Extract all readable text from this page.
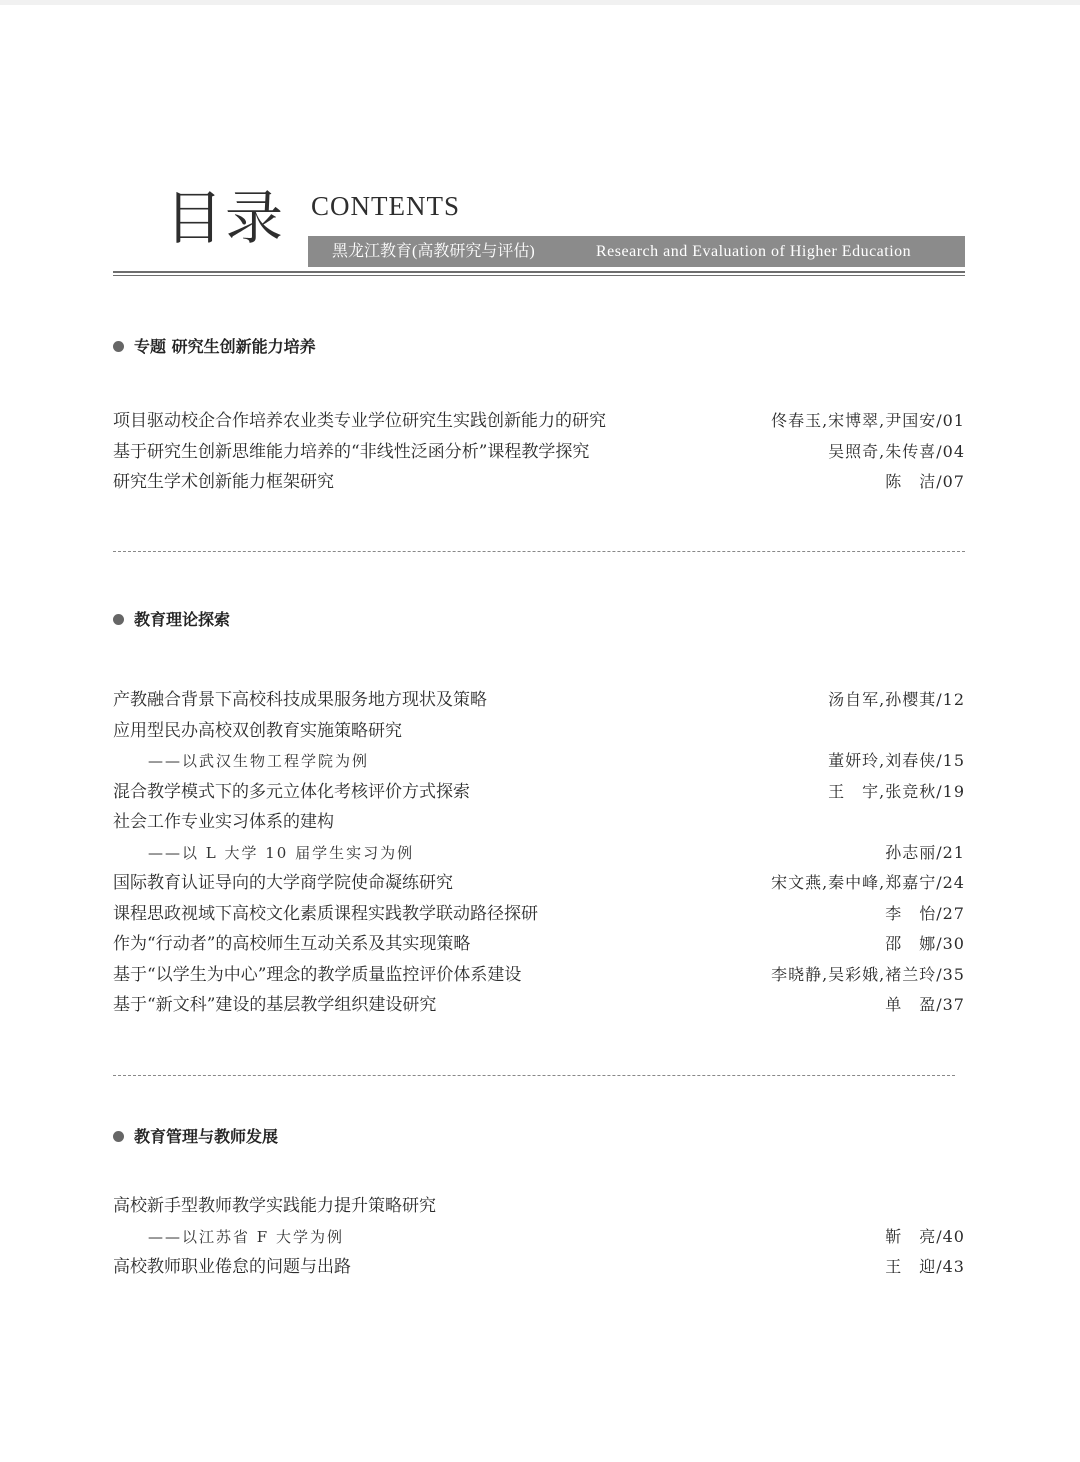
目录 CONTENTS
黑龙江教育(高教研究与评估)	Research and Evaluation of Higher Education
专题 研究生创新能力培养
项目驱动校企合作培养农业类专业学位研究生实践创新能力的研究	佟春玉,宋博翠,尹国安/01
基于研究生创新思维能力培养的“非线性泛函分析”课程教学探究	吴照奇,朱传喜/04
研究生学术创新能力框架研究	陈　洁/07
教育理论探索
产教融合背景下高校科技成果服务地方现状及策略	汤自军,孙樱萁/12
应用型民办高校双创教育实施策略研究
——以武汉生物工程学院为例	董妍玲,刘春侠/15
混合教学模式下的多元立体化考核评价方式探索	王　宇,张竞秋/19
社会工作专业实习体系的建构
——以 L 大学 10 届学生实习为例	孙志丽/21
国际教育认证导向的大学商学院使命凝练研究	宋文燕,秦中峰,郑嘉宁/24
课程思政视域下高校文化素质课程实践教学联动路径探研	李　怡/27
作为“行动者”的高校师生互动关系及其实现策略	邵　娜/30
基于“以学生为中心”理念的教学质量监控评价体系建设	李晓静,吴彩娥,褚兰玲/35
基于“新文科”建设的基层教学组织建设研究	单　盈/37
教育管理与教师发展
高校新手型教师教学实践能力提升策略研究
——以江苏省 F 大学为例	靳　亮/40
高校教师职业倦怠的问题与出路	王　迎/43
